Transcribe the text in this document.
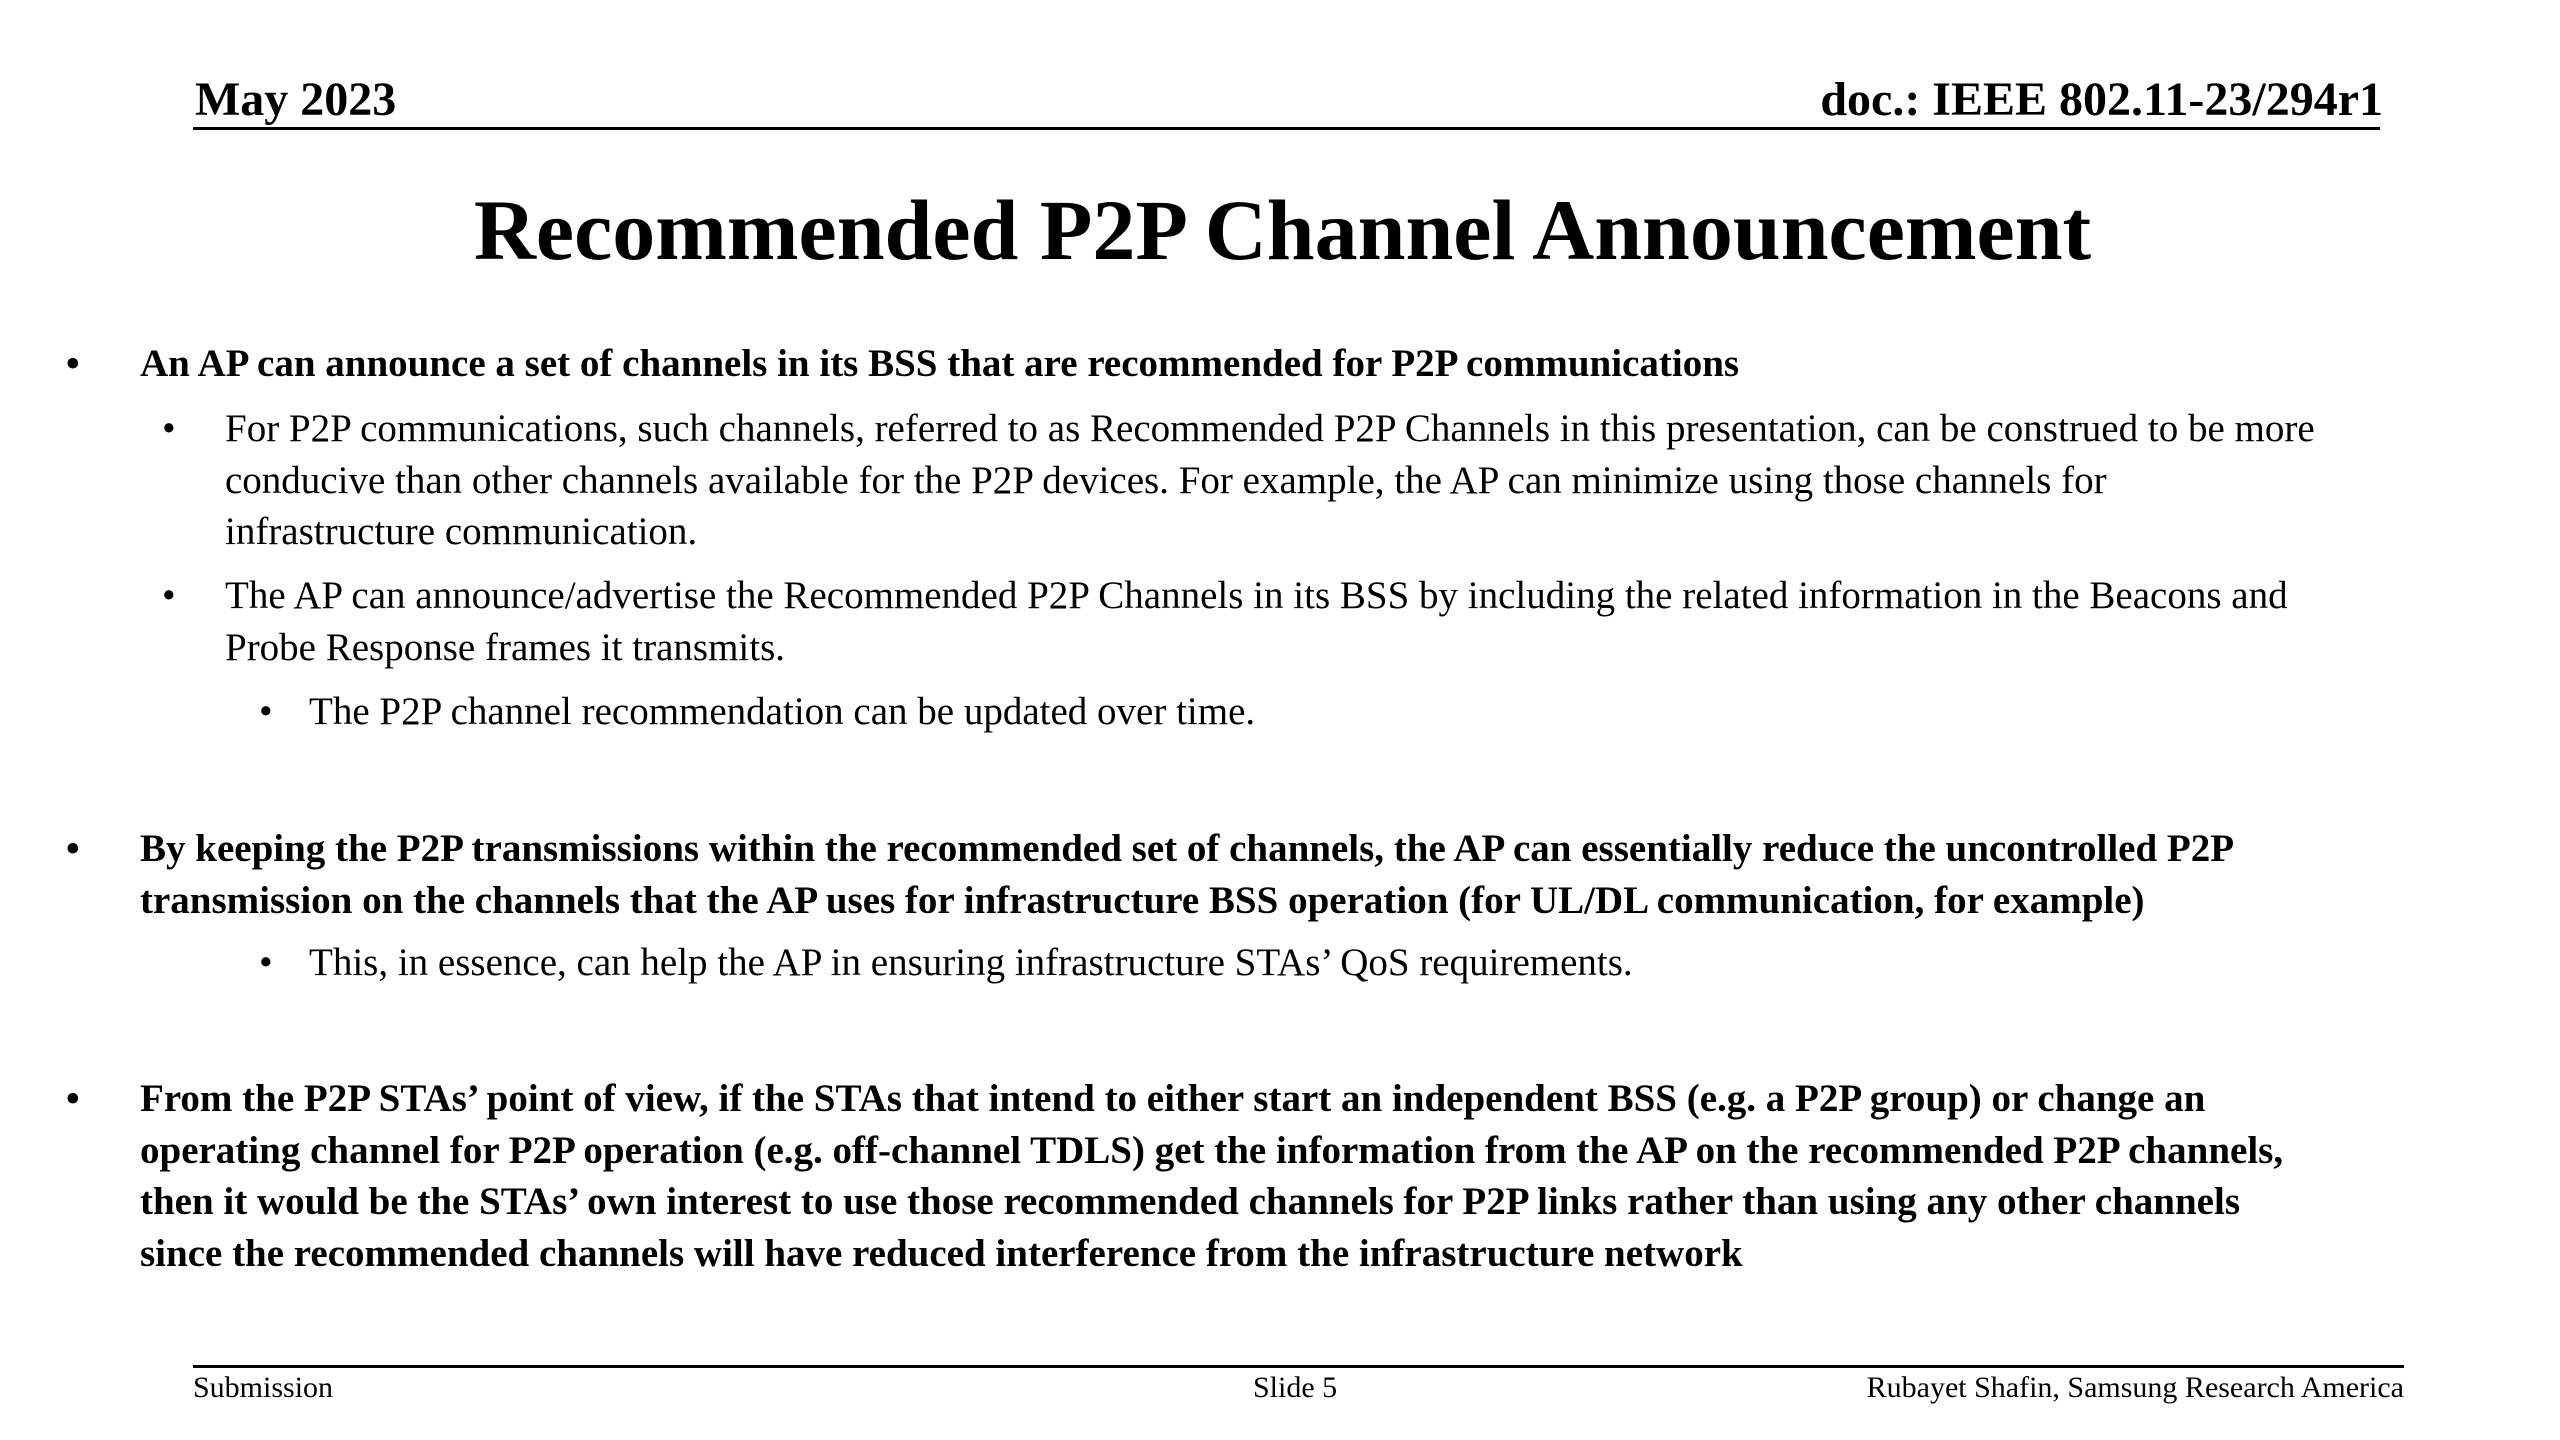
May 2023	doc.: IEEE 802.11-23/294r1
Recommended P2P Channel Announcement
• An AP can announce a set of channels in its BSS that are recommended for P2P communications
• For P2P communications, such channels, referred to as Recommended P2P Channels in this presentation, can be construed to be more
conducive than other channels available for the P2P devices. For example, the AP can minimize using those channels for
infrastructure communication.
• The AP can announce/advertise the Recommended P2P Channels in its BSS by including the related information in the Beacons and
Probe Response frames it transmits.
• The P2P channel recommendation can be updated over time.
• By keeping the P2P transmissions within the recommended set of channels, the AP can essentially reduce the uncontrolled P2P
transmission on the channels that the AP uses for infrastructure BSS operation (for UL/DL communication, for example)
• This, in essence, can help the AP in ensuring infrastructure STAs’ QoS requirements.
• From the P2P STAs’ point of view, if the STAs that intend to either start an independent BSS (e.g. a P2P group) or change an
operating channel for P2P operation (e.g. off-channel TDLS) get the information from the AP on the recommended P2P channels,
then it would be the STAs’ own interest to use those recommended channels for P2P links rather than using any other channels
since the recommended channels will have reduced interference from the infrastructure network
Submission	Slide 5	Rubayet Shafin, Samsung Research America
